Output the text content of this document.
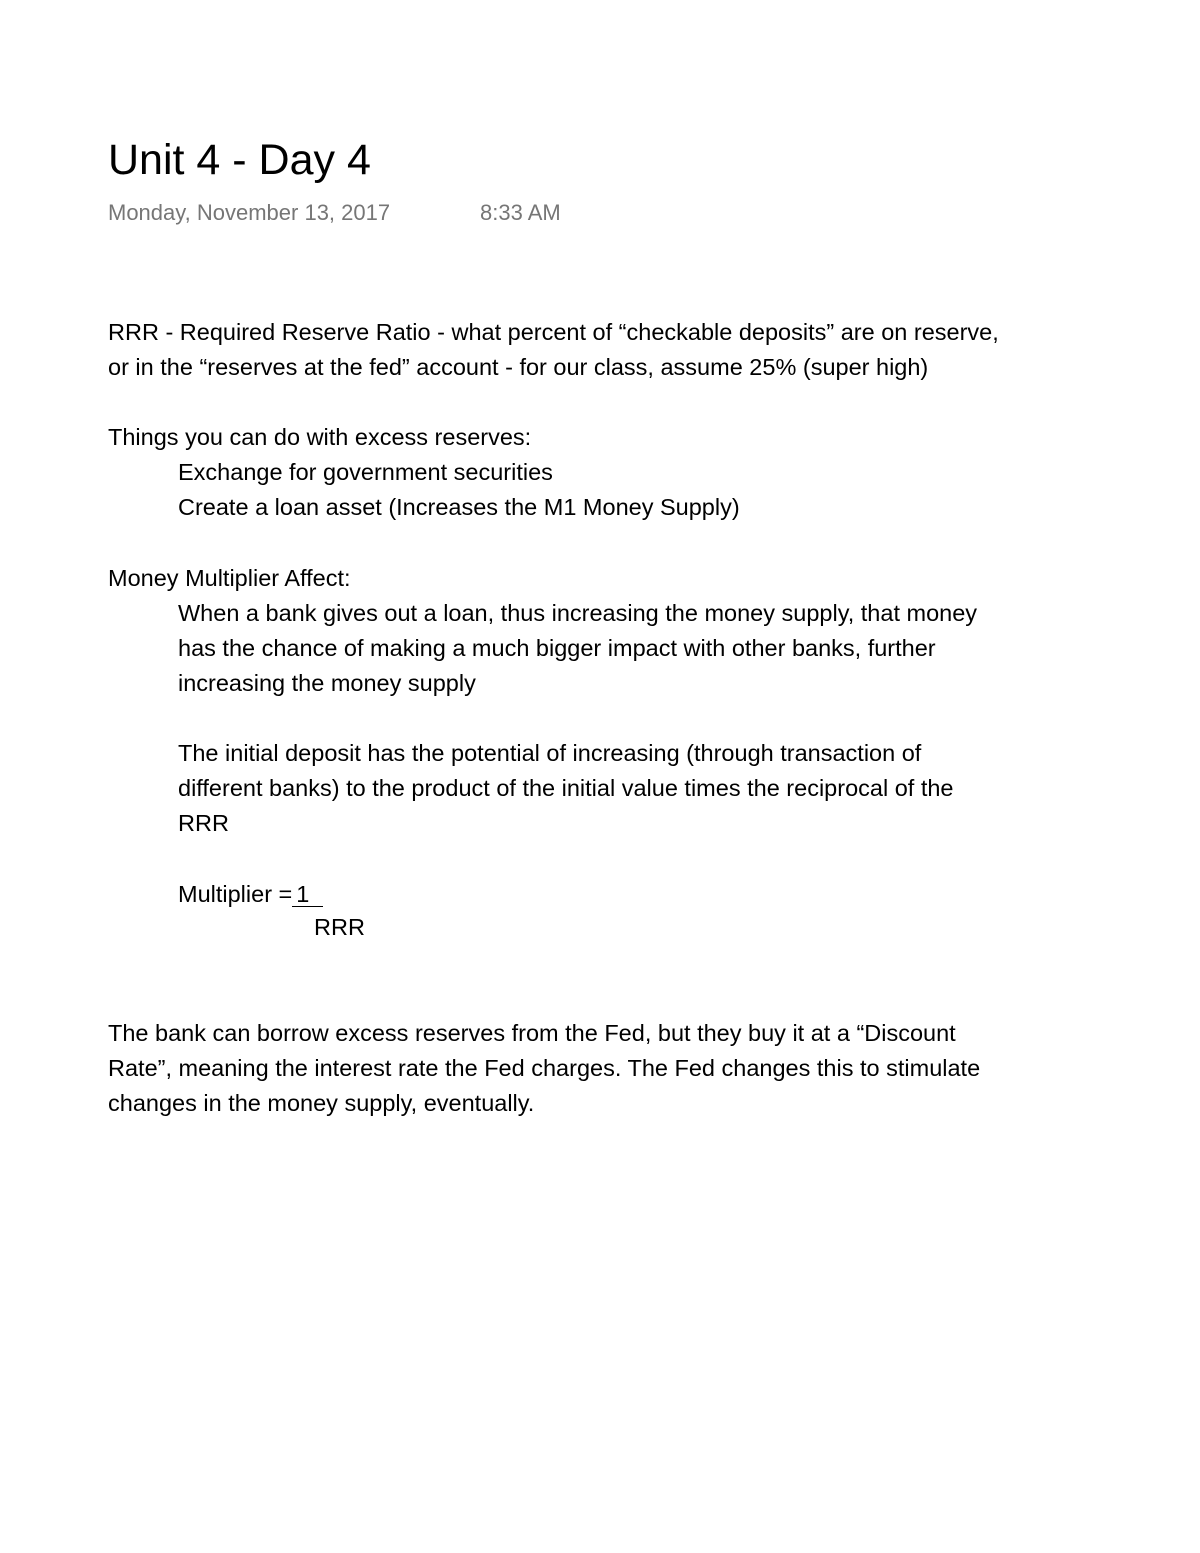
Unit 4 - Day 4
Monday, November 13, 2017	8:33 AM
RRR - Required Reserve Ratio - what percent of “checkable deposits” are on reserve,
or in the “reserves at the fed” account - for our class, assume 25% (super high)
Things you can do with excess reserves:
Exchange for government securities
Create a loan asset (Increases the M1 Money Supply)
Money Multiplier Affect:
When a bank gives out a loan, thus increasing the money supply, that money
has the chance of making a much bigger impact with other banks, further
increasing the money supply
The initial deposit has the potential of increasing (through transaction of
different banks) to the product of the initial value times the reciprocal of the
RRR
Multiplier = 1
RRR
The bank can borrow excess reserves from the Fed, but they buy it at a “Discount
Rate”, meaning the interest rate the Fed charges. The Fed changes this to stimulate
changes in the money supply, eventually.
